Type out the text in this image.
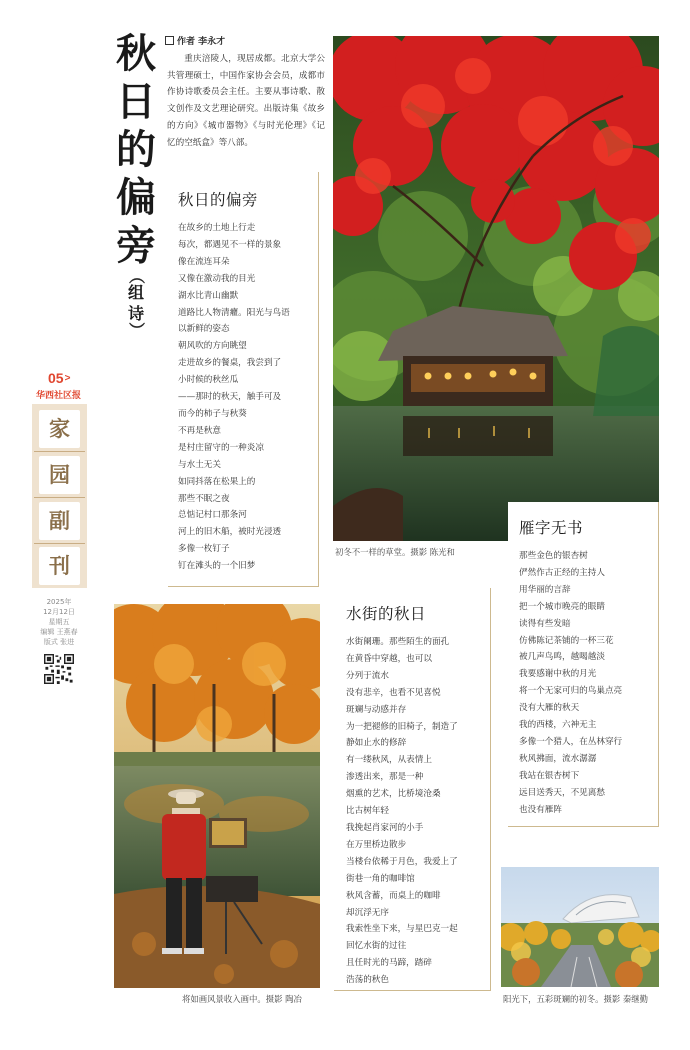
秋
日
的
偏
旁
（
组
诗
）
作者 李永才
重庆涪陵人，现居成都。北京大学公共管理硕士，中国作家协会会员，成都市作协诗歌委员会主任。主要从事诗歌、散文创作及文艺理论研究。出版诗集《故乡的方向》《城市器物》《与时光伦理》《记忆的空纸盒》等八部。
05>
华西社区报
家
园
副
刊
2025年
12月12日
星期五
编辑 王燕春
版式 张进
秋日的偏旁
在故乡的土地上行走
每次，都遇见不一样的景象
像在流连耳朵
又像在激动我的目光
湖水比青山幽默
道路比人物清癯。阳光与鸟语
以新鲜的姿态
朝风吹的方向眺望
走进故乡的餐桌，我尝到了
小时候的秋丝瓜
——那时的秋天，触手可及
而今的柿子与秋葵
不再是秋意
是村庄留守的一种炎凉
与水土无关
如同抖落在松果上的
那些不眠之夜
总惦记村口那条河
河上的旧木船，被时光浸透
多像一枚钉子
钉在滩头的一个旧梦
初冬不一样的草堂。摄影 陈光和
将如画风景收入画中。摄影 陶冶
水街的秋日
水街阑珊。那些陌生的面孔
在黄昏中穿越，也可以
分列于流水
没有悲辛，也看不见喜悦
斑斓与动感并存
为一把褪修的旧椅子，制造了
静如止水的修辞
有一缕秋风，从表情上
渗透出来，那是一种
烟熏的艺术，比桥境沧桑
比古树年轻
我挽起肖家河的小手
在万里桥边散步
当楼台依稀于月色，我爱上了
街巷一角的咖啡馆
秋风含蓄，而桌上的咖啡
却沉浮无序
我索性坐下来，与星巴克一起
回忆水街的过往
且任时光的马蹄，踏碎
浩荡的秋色
雁字无书
那些金色的银杏树
俨然作古正经的主持人
用华丽的言辞
把一个城市晚亮的眼睛
读得有些发暗
仿佛陈记茶铺的一杯三花
被几声鸟鸣，越喝越淡
我要感谢中秋的月光
将一个无家可归的鸟巢点亮
没有大雁的秋天
我的西楼，六神无主
多像一个猎人，在丛林穿行
秋风拂面，流水潺潺
我站在银杏树下
远目送秀天，不见离愁
也没有雁阵
阳光下，五彩斑斓的初冬。摄影 秦继勤
